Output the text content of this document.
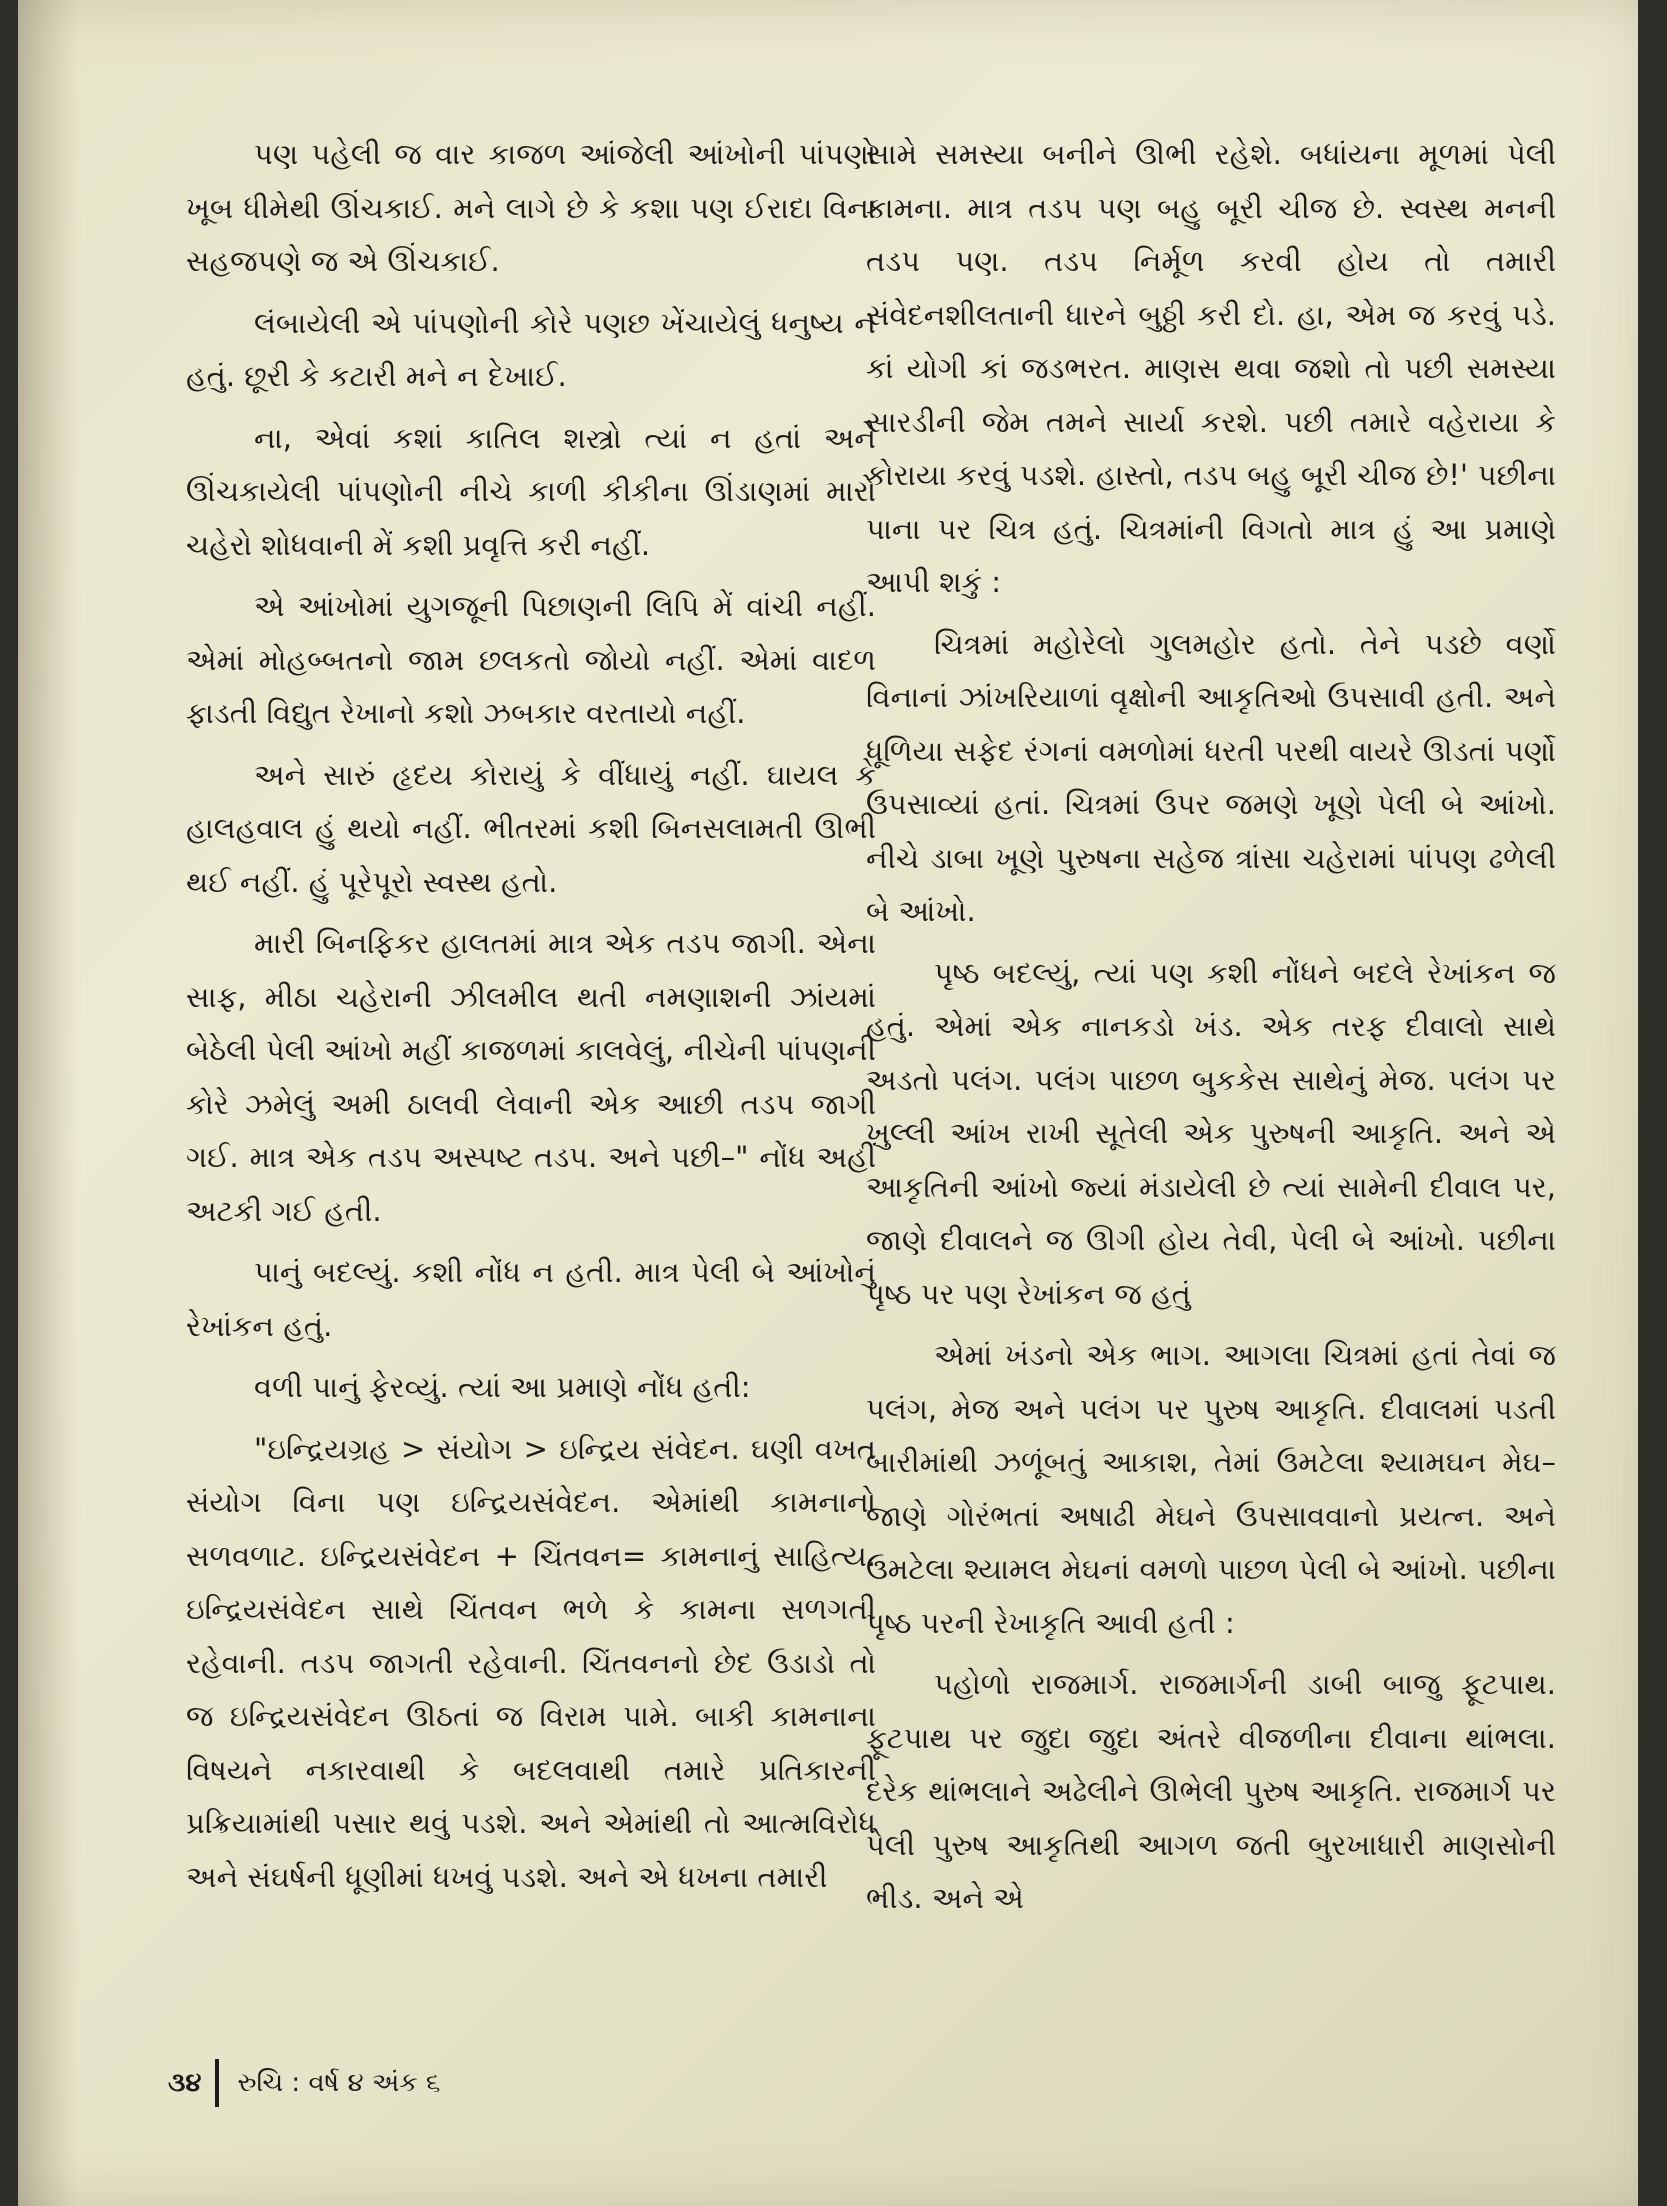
પણ પહેલી જ વાર કાજળ આંજેલી આંખોની પાંપણો ખૂબ ધીમેથી ઊંચકાઈ. મને લાગે છે કે કશા પણ ઈરાદા વિના સહજપણે જ એ ઊંચકાઈ.

લંબાયેલી એ પાંપણોની કોરે પણછ ખેંચાયેલું ધનુષ્ય ન હતું. છૂરી કે કટારી મને ન દેખાઈ.

ના, એવાં કશાં કાતિલ શસ્ત્રો ત્યાં ન હતાં અને ઊંચકાયેલી પાંપણોની નીચે કાળી કીકીના ઊંડાણમાં મારો ચહેરો શોધવાની મેં કશી પ્રવૃત્તિ કરી નહીં.

એ આંખોમાં યુગજૂની પિછાણની લિપિ મેં વાંચી નહીં. એમાં મોહબ્બતનો જામ છલકતો જોયો નહીં. એમાં વાદળ ફાડતી વિદ્યુત રેખાનો કશો ઝબકાર વરતાયો નહીં.

અને સારું હૃદય કોરાયું કે વીંધાયું નહીં. ઘાયલ કે હાલહવાલ હું થયો નહીં. ભીતરમાં કશી બિનસલામતી ઊભી થઈ નહીં. હું પૂરેપૂરો સ્વસ્થ હતો.

મારી બિનફિકર હાલતમાં માત્ર એક તડપ જાગી. એના સાફ, મીઠા ચહેરાની ઝીલમીલ થતી નમણાશની ઝાંયમાં બેઠેલી પેલી આંખો મહીં કાજળમાં કાલવેલું, નીચેની પાંપણની કોરે ઝમેલું અમી ઠાલવી લેવાની એક આછી તડપ જાગી ગઈ. માત્ર એક તડપ અસ્પષ્ટ તડપ. અને પછી–" નોંધ અહીં અટકી ગઈ હતી.

પાનું બદલ્યું. કશી નોંધ ન હતી. માત્ર પેલી બે આંખોનું રેખાંકન હતું.

વળી પાનું ફેરવ્યું. ત્યાં આ પ્રમાણે નોંધ હતી:

"ઇન્દ્રિયગ્રહ > સંયોગ > ઇન્દ્રિય સંવેદન. ઘણી વખત સંયોગ વિના પણ ઇન્દ્રિયસંવેદન. એમાંથી કામનાનો સળવળાટ. ઇન્દ્રિયસંવેદન + ચિંતવન= કામનાનું સાહિત્ય. ઇન્દ્રિયસંવેદન સાથે ચિંતવન ભળે કે કામના સળગતી રહેવાની. તડપ જાગતી રહેવાની. ચિંતવનનો છેદ ઉડાડો તો જ ઇન્દ્રિયસંવેદન ઊઠતાં જ વિરામ પામે. બાકી કામનાના વિષયને નકારવાથી કે બદલવાથી તમારે પ્રતિકારની પ્રક્રિયામાંથી પસાર થવું પડશે. અને એમાંથી તો આત્મવિરોધ અને સંઘર્ષની ધૂણીમાં ધખવું પડશે. અને એ ધખના તમારી

સામે સમસ્યા બનીને ઊભી રહેશે. બધાંયના મૂળમાં પેલી કામના. માત્ર તડપ પણ બહુ બૂરી ચીજ છે. સ્વસ્થ મનની તડપ પણ. તડપ નિર્મૂળ કરવી હોય તો તમારી સંવેદનશીલતાની ધારને બુઠ્ઠી કરી દો. હા, એમ જ કરવું પડે. કાં યોગી કાં જડભરત. માણસ થવા જશો તો પછી સમસ્યા સારડીની જેમ તમને સાર્યા કરશે. પછી તમારે વહેરાયા કે કોરાયા કરવું પડશે. હાસ્તો, તડપ બહુ બૂરી ચીજ છે!' પછીના પાના પર ચિત્ર હતું. ચિત્રમાંની વિગતો માત્ર હું આ પ્રમાણે આપી શકું :

ચિત્રમાં મહોરેલો ગુલમહોર હતો. તેને પડછે વર્ણો વિનાનાં ઝાંખરિયાળાં વૃક્ષોની આકૃતિઓ ઉપસાવી હતી. અને ધૂળિયા સફેદ રંગનાં વમળોમાં ધરતી પરથી વાયરે ઊડતાં પર્ણો ઉપસાવ્યાં હતાં. ચિત્રમાં ઉપર જમણે ખૂણે પેલી બે આંખો. નીચે ડાબા ખૂણે પુરુષના સહેજ ત્રાંસા ચહેરામાં પાંપણ ઢળેલી બે આંખો.

પૃષ્ઠ બદલ્યું, ત્યાં પણ કશી નોંધને બદલે રેખાંકન જ હતું. એમાં એક નાનકડો ખંડ. એક તરફ દીવાલો સાથે અડતો પલંગ. પલંગ પાછળ બુકકેસ સાથેનું મેજ. પલંગ પર ખુલ્લી આંખ રાખી સૂતેલી એક પુરુષની આકૃતિ. અને એ આકૃતિની આંખો જ્યાં મંડાયેલી છે ત્યાં સામેની દીવાલ પર, જાણે દીવાલને જ ઊગી હોય તેવી, પેલી બે આંખો. પછીના પૃષ્ઠ પર પણ રેખાંકન જ હતું

એમાં ખંડનો એક ભાગ. આગલા ચિત્રમાં હતાં તેવાં જ પલંગ, મેજ અને પલંગ પર પુરુષ આકૃતિ. દીવાલમાં પડતી બારીમાંથી ઝળૂંબતું આકાશ, તેમાં ઉમટેલા શ્યામઘન મેઘ– જાણે ગોરંભતાં અષાઢી મેઘને ઉપસાવવાનો પ્રયત્ન. અને ઉમટેલા શ્યામલ મેઘનાં વમળો પાછળ પેલી બે આંખો. પછીના પૃષ્ઠ પરની રેખાકૃતિ આવી હતી :

પહોળો રાજમાર્ગ. રાજમાર્ગની ડાબી બાજુ ફૂટપાથ. ફૂટપાથ પર જુદા જુદા અંતરે વીજળીના દીવાના થાંભલા. દરેક થાંભલાને અઢેલીને ઊભેલી પુરુષ આકૃતિ. રાજમાર્ગ પર પેલી પુરુષ આકૃતિથી આગળ જતી બુરખાધારી માણસોની ભીડ. અને એ

૩૪ રુચિ : વર્ષ ૪ અંક ૬
